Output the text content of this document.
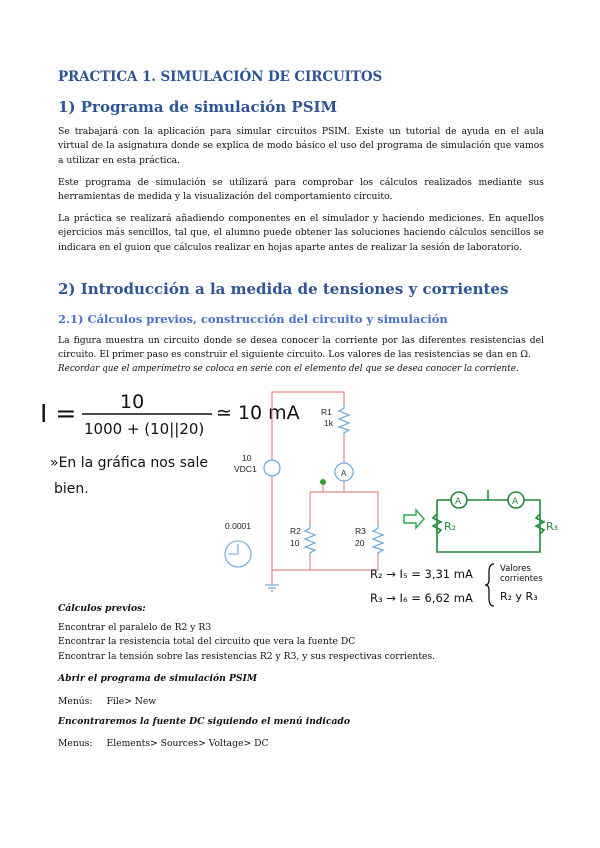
PRACTICA 1. SIMULACIÓN DE CIRCUITOS
1) Programa de simulación PSIM
Se trabajará con la aplicación para simular circuitos PSIM. Existe un tutorial de ayuda en el aula virtual de la asignatura donde se explica de modo básico el uso del programa de simulación que vamos a utilizar en esta práctica.
Este programa de simulación se utilizará para comprobar los cálculos realizados mediante sus herramientas de medida y la visualización del comportamiento circuito.
La práctica se realizará añadiendo componentes en el simulador y haciendo mediciones. En aquellos ejercicios más sencillos, tal que, el alumno puede obtener las soluciones haciendo cálculos sencillos se indicara en el guion que cálculos realizar en hojas aparte antes de realizar la sesión de laboratorio.
2) Introducción a la medida de tensiones y corrientes
2.1) Cálculos previos, construcción del circuito y simulación
La figura muestra un circuito donde se desea conocer la corriente por las diferentes resistencias del circuito. El primer paso es construir el siguiente circuito. Los valores de las resistencias se dan en Ω.
Recordar que el amperímetro se coloca en serie con el elemento del que se desea conocer la corriente.
I = 10
1000 + (10||20)
≃ 10 mA
»En la gráfica nos sale
bien.
A
R1
1k
10
VDC1
0.0001	R2
10
R3
20
A	A
R₂	R₃
R₂ → I₅ = 3,31 mA
R₃ → I₆ = 6,62 mA
Valores
corrientes
R₂ y R₃
Cálculos previos:
Encontrar el paralelo de R2 y R3
Encontrar la resistencia total del circuito que vera la fuente DC
Encontrar la tensión sobre las resistencias R2 y R3, y sus respectivas corrientes.
Abrir el programa de simulación PSIM
Menús: File> New
Encontraremos la fuente DC siguiendo el menú indicado
Menus: Elements> Sources> Voltage> DC
